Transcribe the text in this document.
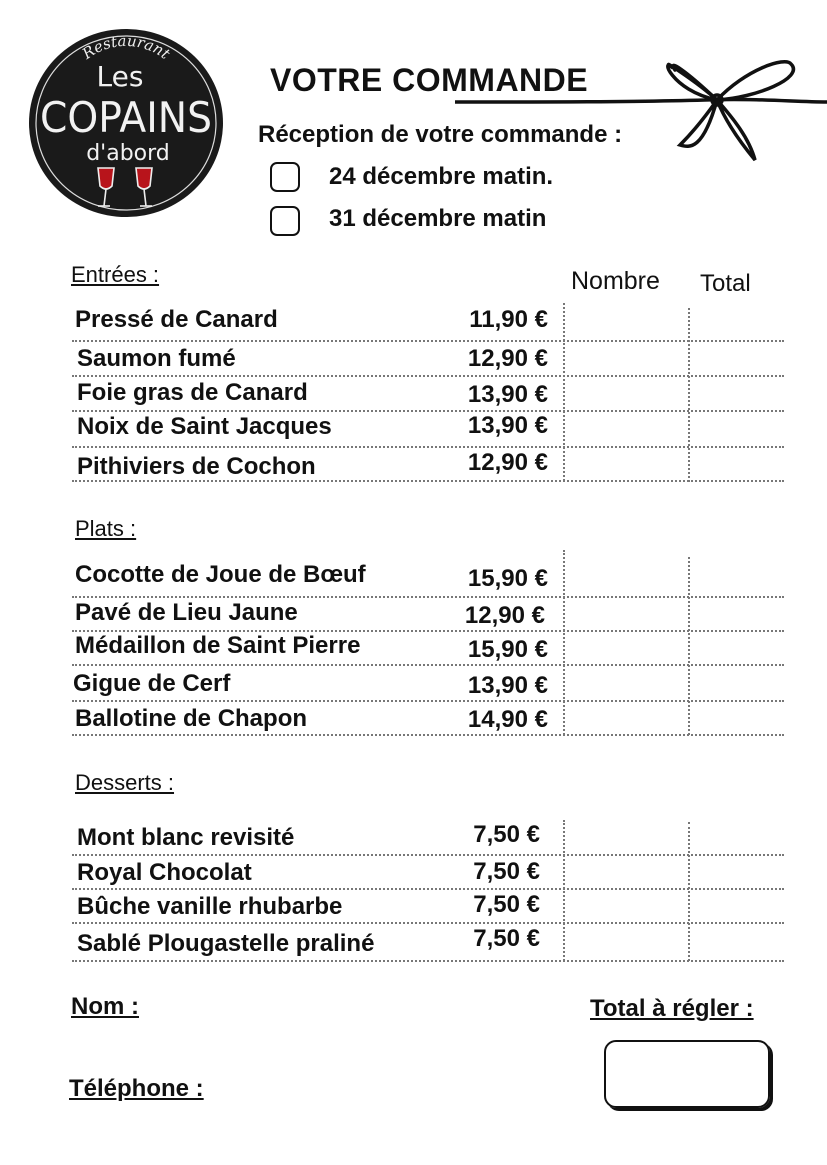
Restaurant
Les
COPAINS
d'abord
VOTRE COMMANDE
Réception de votre commande :
24 décembre matin.
31 décembre matin
Nombre Total
Entrées :
Pressé de Canard	11,90 €
Saumon fumé	12,90 €
Foie gras de Canard	13,90 €
Noix de Saint Jacques	13,90 €
Pithiviers de Cochon	12,90 €
Plats :
Cocotte de Joue de Bœuf	15,90 €
Pavé de Lieu Jaune	12,90 €
Médaillon de Saint Pierre	15,90 €
Gigue de Cerf	13,90 €
Ballotine de Chapon	14,90 €
Desserts :
Mont blanc revisité	7,50 €
Royal Chocolat	7,50 €
Bûche vanille rhubarbe	7,50 €
Sablé Plougastelle praliné	7,50 €
Nom :
Téléphone :
Total à régler :
